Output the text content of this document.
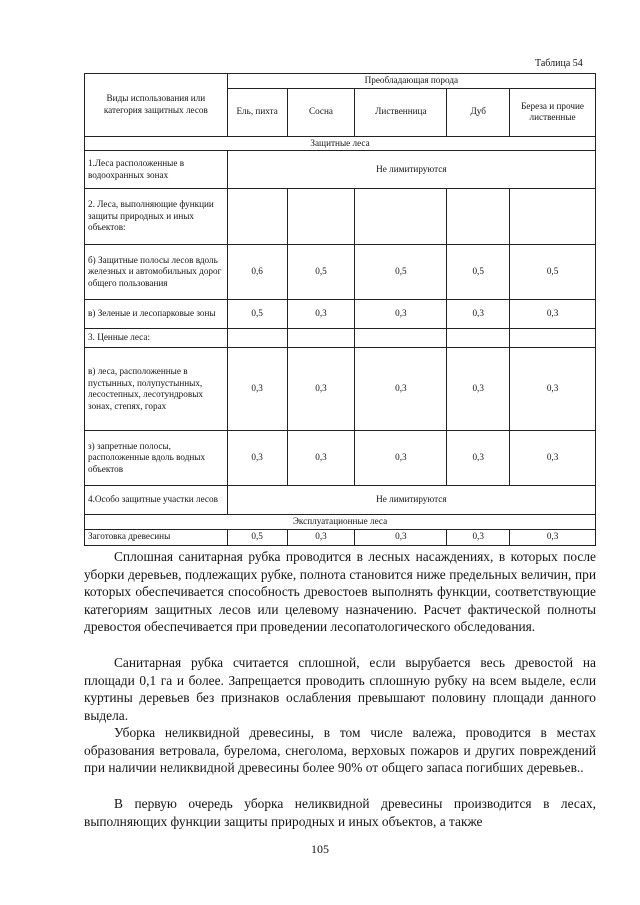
Таблица 54
Виды использования или категория защитных лесов	Преобладающая порода				
	Ель, пихта	Сосна	Лиственница	Дуб	Береза и прочие лиственные
Защитные леса					
1.Леса расположенные в водоохранных зонах	Не лимитируются				
2. Леса, выполняющие функции защиты природных и иных объектов:					
б) Защитные полосы лесов вдоль железных и автомобильных дорог общего пользования	0,6	0,5	0,5	0,5	0,5
в) Зеленые и лесопарковые зоны	0,5	0,3	0,3	0,3	0,3
3. Ценные леса:					
в) леса, расположенные в пустынных, полупустынных, лесостепных, лесотундровых зонах, степях, горах	0,3	0,3	0,3	0,3	0,3
з) запретные полосы, расположенные вдоль водных объектов	0,3	0,3	0,3	0,3	0,3
4.Особо защитные участки лесов	Не лимитируются				
Эксплуатационные леса					
Заготовка древесины	0,5	0,3	0,3	0,3	0,3
Сплошная санитарная рубка проводится в лесных насаждениях, в которых после уборки деревьев, подлежащих рубке, полнота становится ниже предельных величин, при которых обеспечивается способность древостоев выполнять функции, соответствующие категориям защитных лесов или целевому назначению. Расчет фактической полноты древостоя обеспечивается при проведении лесопатологического обследования.
Санитарная рубка считается сплошной, если вырубается весь древостой на площади 0,1 га и более. Запрещается проводить сплошную рубку на всем выделе, если куртины деревьев без признаков ослабления превышают половину площади данного выдела.
Уборка неликвидной древесины, в том числе валежа, проводится в местах образования ветровала, бурелома, снеголома, верховых пожаров и других повреждений при наличии неликвидной древесины более 90% от общего запаса погибших деревьев..
В первую очередь уборка неликвидной древесины производится в лесах, выполняющих функции защиты природных и иных объектов, а также
105
